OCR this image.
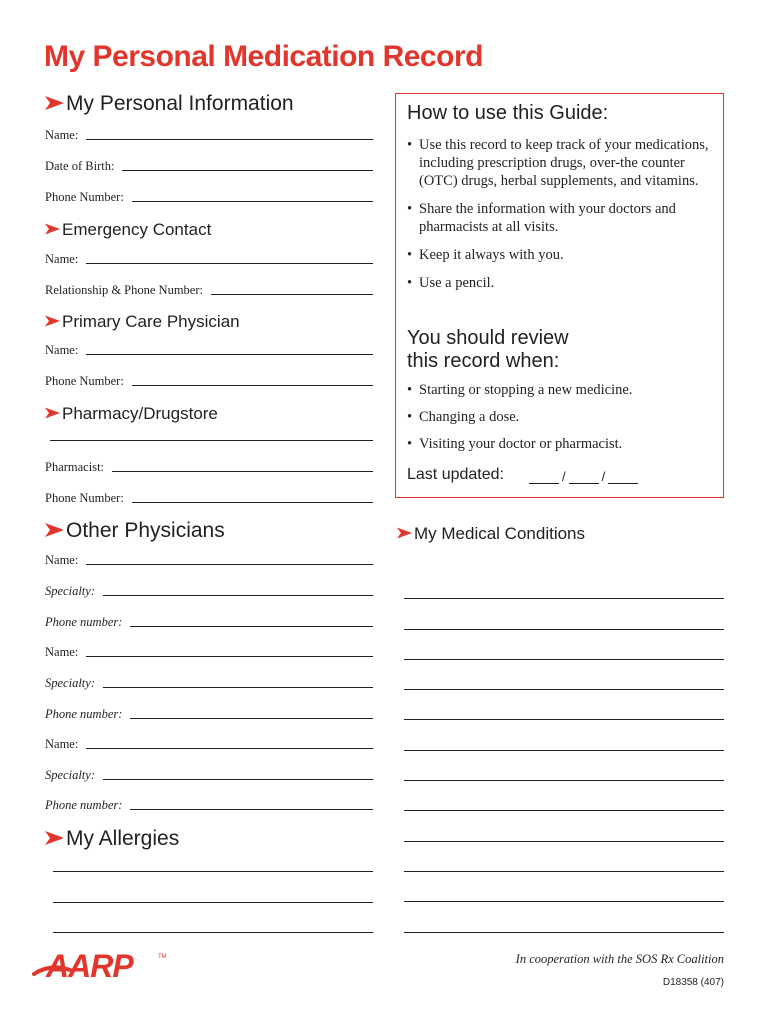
My Personal Medication Record
My Personal Information
Name:
Date of Birth:
Phone Number:
Emergency Contact
Name:
Relationship & Phone Number:
Primary Care Physician
Name:
Phone Number:
Pharmacy/Drugstore
Pharmacist:
Phone Number:
Other Physicians
Name:
Specialty:
Phone number:
Name:
Specialty:
Phone number:
Name:
Specialty:
Phone number:
My Allergies
AARP	TM
How to use this Guide:
• Use this record to keep track of your medications, including prescription drugs, over-the counter (OTC) drugs, herbal supplements, and vitamins.
• Share the information with your doctors and pharmacists at all visits.
• Keep it always with you.
• Use a pencil.
You should review
this record when:
• Starting or stopping a new medicine.
• Changing a dose.
• Visiting your doctor or pharmacist.
Last updated:	/	/
My Medical Conditions
In cooperation with the SOS Rx Coalition
D18358 (407)
